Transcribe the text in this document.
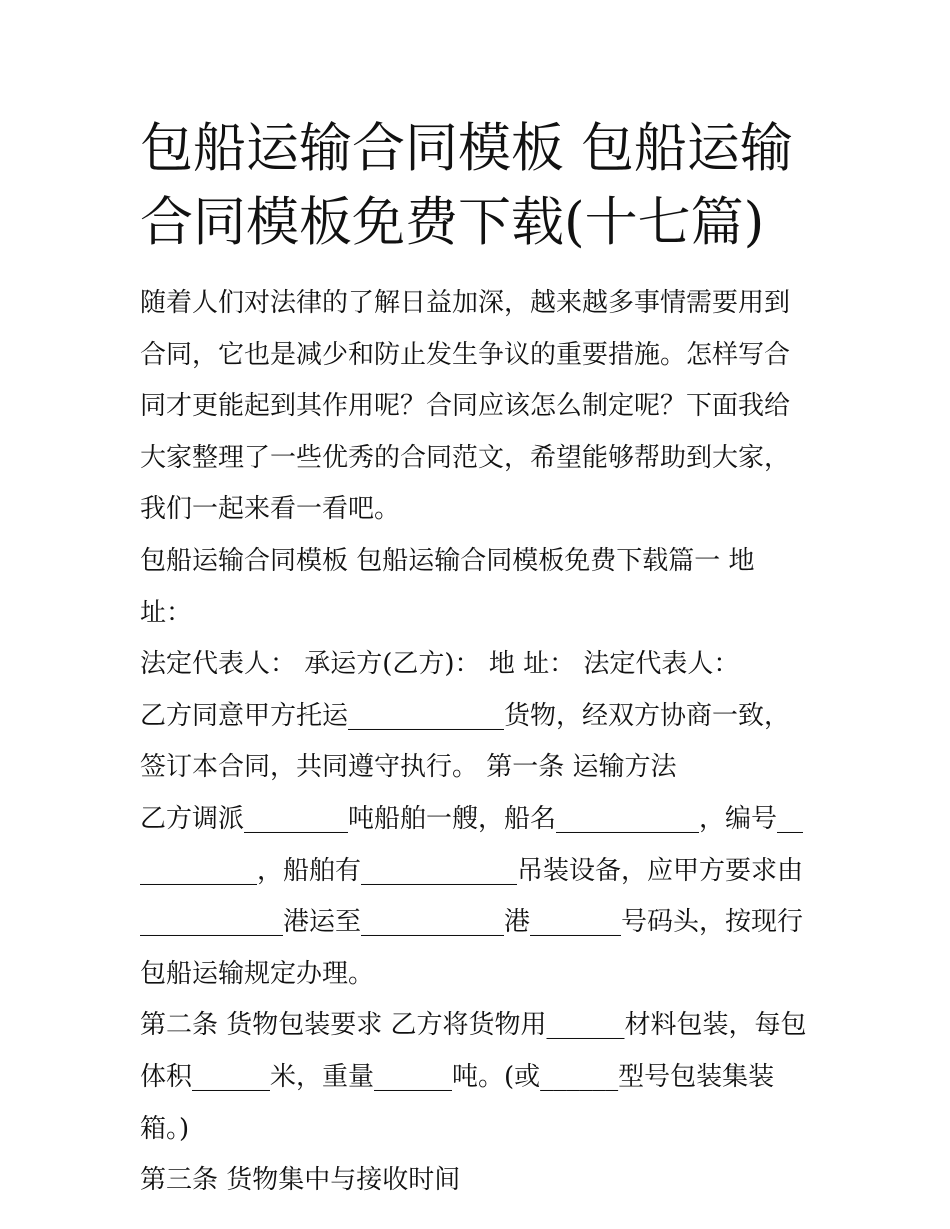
包船运输合同模板 包船运输合同模板免费下载(十七篇)

随着人们对法律的了解日益加深，越来越多事情需要用到合同，它也是减少和防止发生争议的重要措施。怎样写合同才更能起到其作用呢？合同应该怎么制定呢？下面我给大家整理了一些优秀的合同范文，希望能够帮助到大家，我们一起来看一看吧。

包船运输合同模板 包船运输合同模板免费下载篇一 地 址：

法定代表人： 承运方(乙方)： 地 址： 法定代表人：

乙方同意甲方托运____________货物，经双方协商一致，签订本合同，共同遵守执行。 第一条 运输方法

乙方调派________吨船舶一艘，船名___________，编号___________，船舶有____________吊装设备，应甲方要求由___________港运至___________港_______号码头，按现行包船运输规定办理。

第二条 货物包装要求 乙方将货物用______材料包装，每包体积______米，重量______吨。(或______型号包装集装箱。)

第三条 货物集中与接收时间
